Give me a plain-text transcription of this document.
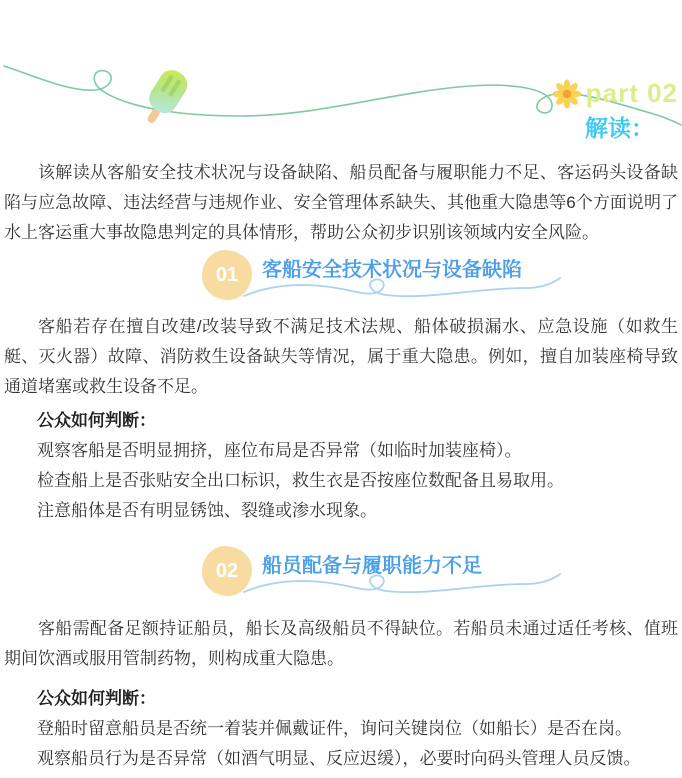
part 02
解读：

该解读从客船安全技术状况与设备缺陷、船员配备与履职能力不足、客运码头设备缺陷与应急故障、违法经营与违规作业、安全管理体系缺失、其他重大隐患等6个方面说明了水上客运重大事故隐患判定的具体情形，帮助公众初步识别该领域内安全风险。

01 客船安全技术状况与设备缺陷

客船若存在擅自改建/改装导致不满足技术法规、船体破损漏水、应急设施（如救生艇、灭火器）故障、消防救生设备缺失等情况，属于重大隐患。例如，擅自加装座椅导致通道堵塞或救生设备不足。

公众如何判断：

观察客船是否明显拥挤，座位布局是否异常（如临时加装座椅）。

检查船上是否张贴安全出口标识，救生衣是否按座位数配备且易取用。

注意船体是否有明显锈蚀、裂缝或渗水现象。

02 船员配备与履职能力不足

客船需配备足额持证船员，船长及高级船员不得缺位。若船员未通过适任考核、值班期间饮酒或服用管制药物，则构成重大隐患。

公众如何判断：

登船时留意船员是否统一着装并佩戴证件，询问关键岗位（如船长）是否在岗。

观察船员行为是否异常（如酒气明显、反应迟缓），必要时向码头管理人员反馈。
